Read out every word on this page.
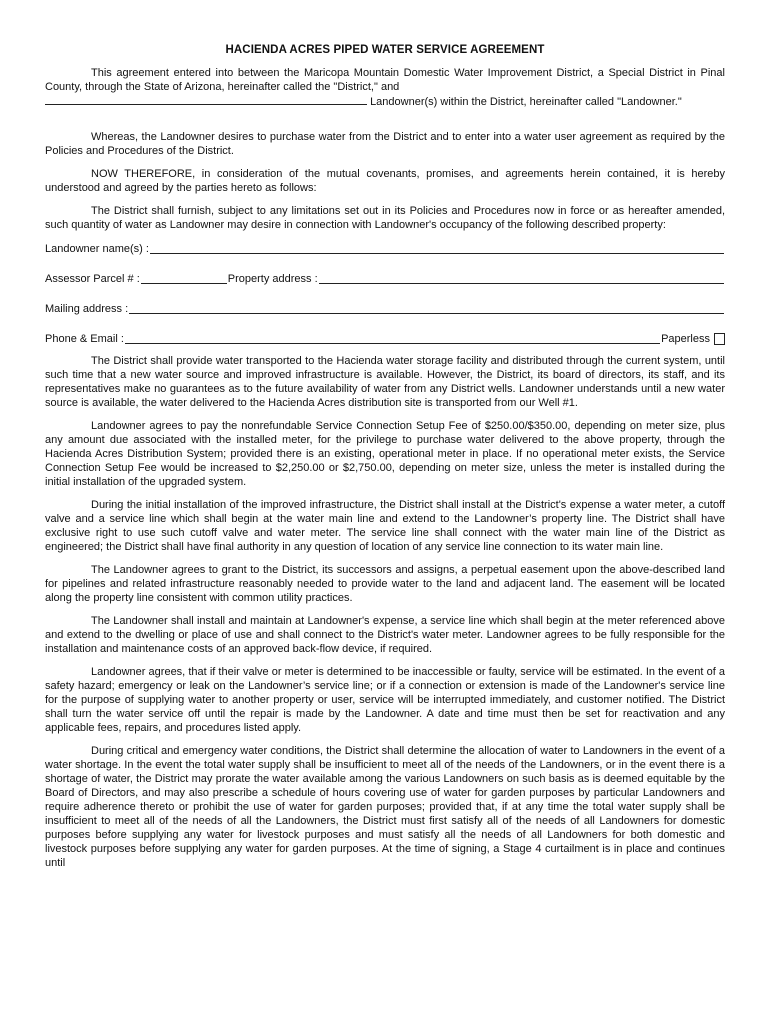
HACIENDA ACRES PIPED WATER SERVICE AGREEMENT

This agreement entered into between the Maricopa Mountain Domestic Water Improvement District, a Special District in Pinal County, through the State of Arizona, hereinafter called the "District," and

Landowner(s) within the District, hereinafter called "Landowner."

Whereas, the Landowner desires to purchase water from the District and to enter into a water user agreement as required by the Policies and Procedures of the District.

NOW THEREFORE, in consideration of the mutual covenants, promises, and agreements herein contained, it is hereby understood and agreed by the parties hereto as follows:

The District shall furnish, subject to any limitations set out in its Policies and Procedures now in force or as hereafter amended, such quantity of water as Landowner may desire in connection with Landowner's occupancy of the following described property:

Landowner name(s) :
Assessor Parcel # :	Property address :
Mailing address :
Phone & Email :	Paperless

The District shall provide water transported to the Hacienda water storage facility and distributed through the current system, until such time that a new water source and improved infrastructure is available. However, the District, its board of directors, its staff, and its representatives make no guarantees as to the future availability of water from any District wells. Landowner understands until a new water source is available, the water delivered to the Hacienda Acres distribution site is transported from our Well #1.

Landowner agrees to pay the nonrefundable Service Connection Setup Fee of $250.00/$350.00, depending on meter size, plus any amount due associated with the installed meter, for the privilege to purchase water delivered to the above property, through the Hacienda Acres Distribution System; provided there is an existing, operational meter in place. If no operational meter exists, the Service Connection Setup Fee would be increased to $2,250.00 or $2,750.00, depending on meter size, unless the meter is installed during the initial installation of the upgraded system.

During the initial installation of the improved infrastructure, the District shall install at the District's expense a water meter, a cutoff valve and a service line which shall begin at the water main line and extend to the Landowner’s property line. The District shall have exclusive right to use such cutoff valve and water meter. The service line shall connect with the water main line of the District as engineered; the District shall have final authority in any question of location of any service line connection to its water main line.

The Landowner agrees to grant to the District, its successors and assigns, a perpetual easement upon the above-described land for pipelines and related infrastructure reasonably needed to provide water to the land and adjacent land. The easement will be located along the property line consistent with common utility practices.

The Landowner shall install and maintain at Landowner's expense, a service line which shall begin at the meter referenced above and extend to the dwelling or place of use and shall connect to the District's water meter. Landowner agrees to be fully responsible for the installation and maintenance costs of an approved back-flow device, if required.

Landowner agrees, that if their valve or meter is determined to be inaccessible or faulty, service will be estimated. In the event of a safety hazard; emergency or leak on the Landowner’s service line; or if a connection or extension is made of the Landowner's service line for the purpose of supplying water to another property or user, service will be interrupted immediately, and customer notified. The District shall turn the water service off until the repair is made by the Landowner. A date and time must then be set for reactivation and any applicable fees, repairs, and procedures listed apply.

During critical and emergency water conditions, the District shall determine the allocation of water to Landowners in the event of a water shortage. In the event the total water supply shall be insufficient to meet all of the needs of the Landowners, or in the event there is a shortage of water, the District may prorate the water available among the various Landowners on such basis as is deemed equitable by the Board of Directors, and may also prescribe a schedule of hours covering use of water for garden purposes by particular Landowners and require adherence thereto or prohibit the use of water for garden purposes; provided that, if at any time the total water supply shall be insufficient to meet all of the needs of all the Landowners, the District must first satisfy all of the needs of all Landowners for domestic purposes before supplying any water for livestock purposes and must satisfy all the needs of all Landowners for both domestic and livestock purposes before supplying any water for garden purposes. At the time of signing, a Stage 4 curtailment is in place and continues until
